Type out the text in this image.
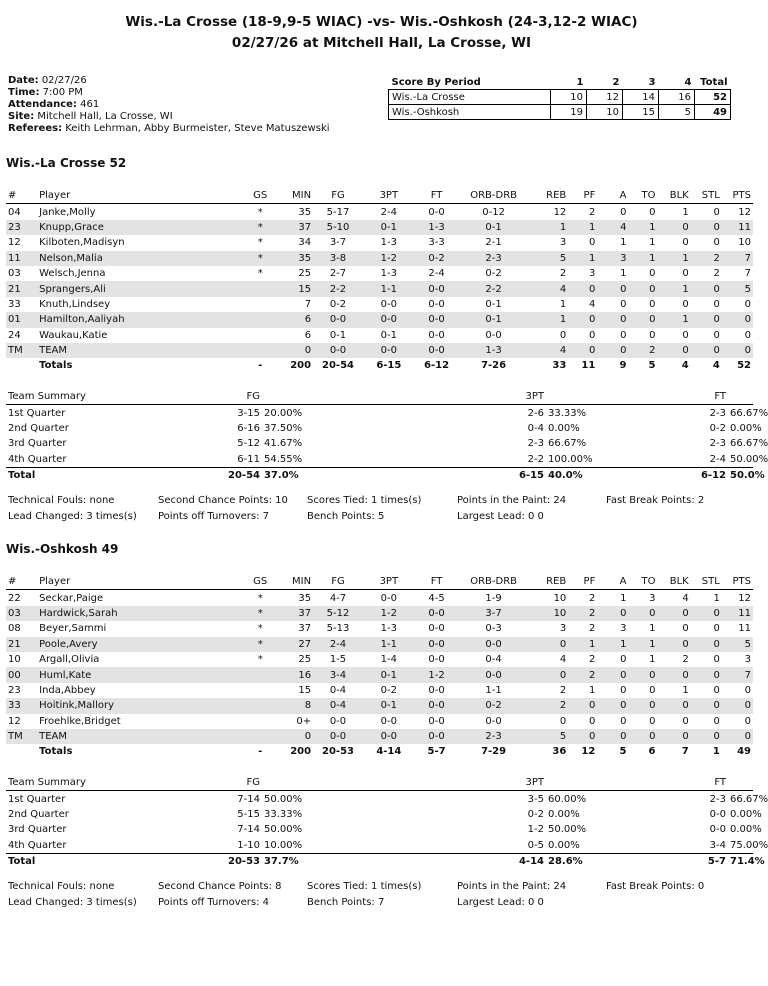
Wis.-La Crosse (18-9,9-5 WIAC) -vs- Wis.-Oshkosh (24-3,12-2 WIAC)
02/27/26 at Mitchell Hall, La Crosse, WI
Date: 02/27/26
Time: 7:00 PM
Attendance: 461
Site: Mitchell Hall, La Crosse, WI
Referees: Keith Lehrman, Abby Burmeister, Steve Matuszewski
Score By Period	1	2	3	4	Total
Wis.-La Crosse	10	12	14	16	52
Wis.-Oshkosh	19	10	15	5	49
Wis.-La Crosse 52
#	Player	GS	MIN	FG	3PT	FT	ORB-DRB	REB	PF	A	TO	BLK	STL	PTS
04	Janke,Molly	*	35	5-17	2-4	0-0	0-12	12	2	0	0	1	0	12
23	Knupp,Grace	*	37	5-10	0-1	1-3	0-1	1	1	4	1	0	0	11
12	Kilboten,Madisyn	*	34	3-7	1-3	3-3	2-1	3	0	1	1	0	0	10
11	Nelson,Malia	*	35	3-8	1-2	0-2	2-3	5	1	3	1	1	2	7
03	Welsch,Jenna	*	25	2-7	1-3	2-4	0-2	2	3	1	0	0	2	7
21	Sprangers,Ali		15	2-2	1-1	0-0	2-2	4	0	0	0	1	0	5
33	Knuth,Lindsey		7	0-2	0-0	0-0	0-1	1	4	0	0	0	0	0
01	Hamilton,Aaliyah		6	0-0	0-0	0-0	0-1	1	0	0	0	1	0	0
24	Waukau,Katie		6	0-1	0-1	0-0	0-0	0	0	0	0	0	0	0
TM	TEAM		0	0-0	0-0	0-0	1-3	4	0	0	2	0	0	0
	Totals	-	200	20-54	6-15	6-12	7-26	33	11	9	5	4	4	52
Team Summary	FG		3PT		FT	
1st Quarter	3-15	20.00%	2-6	33.33%	2-3	66.67%
2nd Quarter	6-16	37.50%	0-4	0.00%	0-2	0.00%
3rd Quarter	5-12	41.67%	2-3	66.67%	2-3	66.67%
4th Quarter	6-11	54.55%	2-2	100.00%	2-4	50.00%
Total	20-54	37.0%	6-15	40.0%	6-12	50.0%
Technical Fouls: none	Second Chance Points: 10 Scores Tied: 1 times(s)	Points in the Paint: 24	Fast Break Points: 2
Lead Changed: 3 times(s) Points off Turnovers: 7	Bench Points: 5	Largest Lead: 0 0
Wis.-Oshkosh 49
#	Player	GS	MIN	FG	3PT	FT	ORB-DRB	REB	PF	A	TO	BLK	STL	PTS
22	Seckar,Paige	*	35	4-7	0-0	4-5	1-9	10	2	1	3	4	1	12
03	Hardwick,Sarah	*	37	5-12	1-2	0-0	3-7	10	2	0	0	0	0	11
08	Beyer,Sammi	*	37	5-13	1-3	0-0	0-3	3	2	3	1	0	0	11
21	Poole,Avery	*	27	2-4	1-1	0-0	0-0	0	1	1	1	0	0	5
10	Argall,Olivia	*	25	1-5	1-4	0-0	0-4	4	2	0	1	2	0	3
00	Huml,Kate		16	3-4	0-1	1-2	0-0	0	2	0	0	0	0	7
23	Inda,Abbey		15	0-4	0-2	0-0	1-1	2	1	0	0	1	0	0
33	Hoitink,Mallory		8	0-4	0-1	0-0	0-2	2	0	0	0	0	0	0
12	Froehlke,Bridget		0+	0-0	0-0	0-0	0-0	0	0	0	0	0	0	0
TM	TEAM		0	0-0	0-0	0-0	2-3	5	0	0	0	0	0	0
	Totals	-	200	20-53	4-14	5-7	7-29	36	12	5	6	7	1	49
Team Summary	FG		3PT		FT	
1st Quarter	7-14	50.00%	3-5	60.00%	2-3	66.67%
2nd Quarter	5-15	33.33%	0-2	0.00%	0-0	0.00%
3rd Quarter	7-14	50.00%	1-2	50.00%	0-0	0.00%
4th Quarter	1-10	10.00%	0-5	0.00%	3-4	75.00%
Total	20-53	37.7%	4-14	28.6%	5-7	71.4%
Technical Fouls: none	Second Chance Points: 8	Scores Tied: 1 times(s)	Points in the Paint: 24	Fast Break Points: 0
Lead Changed: 3 times(s) Points off Turnovers: 4	Bench Points: 7	Largest Lead: 0 0
